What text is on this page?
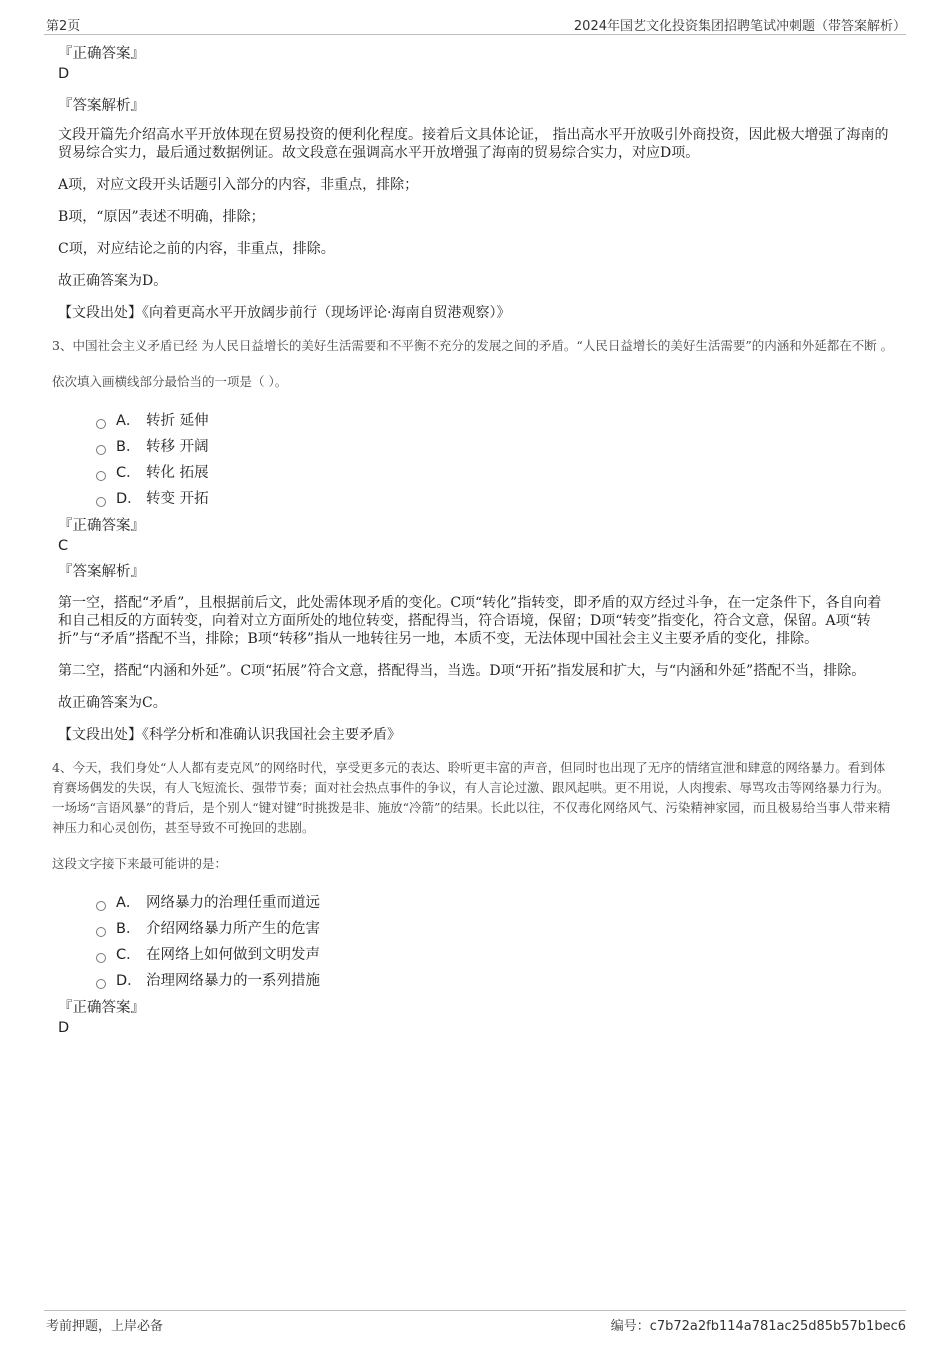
第2页	2024年国艺文化投资集团招聘笔试冲刺题（带答案解析）
『正确答案』
D
『答案解析』

文段开篇先介绍高水平开放体现在贸易投资的便利化程度。接着后文具体论证， 指出高水平开放吸引外商投资，因此极大增强了海南的贸易综合实力，最后通过数据例证。故文段意在强调高水平开放增强了海南的贸易综合实力，对应D项。

A项，对应文段开头话题引入部分的内容，非重点，排除；

B项，“原因”表述不明确，排除；

C项，对应结论之前的内容，非重点，排除。

故正确答案为D。

【文段出处】《向着更高水平开放阔步前行（现场评论·海南自贸港观察）》

3、中国社会主义矛盾已经 为人民日益增长的美好生活需要和不平衡不充分的发展之间的矛盾。“人民日益增长的美好生活需要”的内涵和外延都在不断 。

依次填入画横线部分最恰当的一项是（ ）。

A． 转折 延伸
B． 转移 开阔
C． 转化 拓展
D． 转变 开拓
『正确答案』
C
『答案解析』

第一空，搭配“矛盾”，且根据前后文，此处需体现矛盾的变化。C项“转化”指转变，即矛盾的双方经过斗争，在一定条件下，各自向着和自己相反的方面转变，向着对立方面所处的地位转变，搭配得当，符合语境，保留；D项“转变”指变化，符合文意，保留。A项“转折”与“矛盾”搭配不当，排除；B项“转移”指从一地转往另一地，本质不变，无法体现中国社会主义主要矛盾的变化，排除。

第二空，搭配“内涵和外延”。C项“拓展”符合文意，搭配得当，当选。D项“开拓”指发展和扩大，与“内涵和外延”搭配不当，排除。

故正确答案为C。

【文段出处】《科学分析和准确认识我国社会主要矛盾》

4、今天，我们身处“人人都有麦克风”的网络时代，享受更多元的表达、聆听更丰富的声音，但同时也出现了无序的情绪宣泄和肆意的网络暴力。看到体育赛场偶发的失误，有人飞短流长、强带节奏；面对社会热点事件的争议，有人言论过激、跟风起哄。更不用说，人肉搜索、辱骂攻击等网络暴力行为。一场场“言语风暴”的背后，是个别人“键对键”时挑拨是非、施放“冷箭”的结果。长此以往，不仅毒化网络风气、污染精神家园，而且极易给当事人带来精神压力和心灵创伤，甚至导致不可挽回的悲剧。

这段文字接下来最可能讲的是：

A． 网络暴力的治理任重而道远
B． 介绍网络暴力所产生的危害
C． 在网络上如何做到文明发声
D． 治理网络暴力的一系列措施
『正确答案』
D
考前押题，上岸必备	编号：c7b72a2fb114a781ac25d85b57b1bec6
